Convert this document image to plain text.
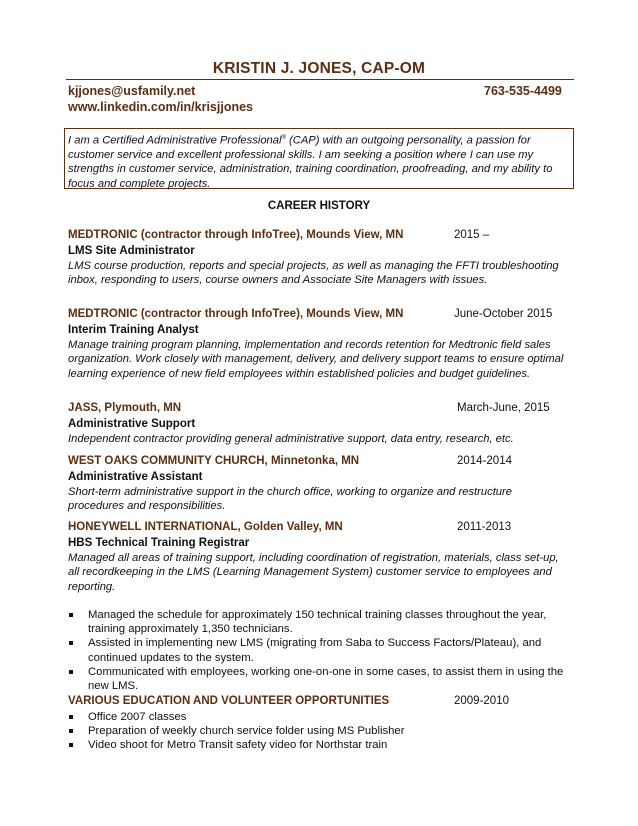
KRISTIN J. JONES, CAP-OM
kjjones@usfamily.net	763-535-4499
www.linkedin.com/in/krisjjones
I am a Certified Administrative Professional® (CAP) with an outgoing personality, a passion for customer service and excellent professional skills. I am seeking a position where I can use my strengths in customer service, administration, training coordination, proofreading, and my ability to focus and complete projects.
CAREER HISTORY
MEDTRONIC (contractor through InfoTree), Mounds View, MN	2015 –
LMS Site Administrator
LMS course production, reports and special projects, as well as managing the FFTI troubleshooting inbox, responding to users, course owners and Associate Site Managers with issues.
MEDTRONIC (contractor through InfoTree), Mounds View, MN	June-October 2015
Interim Training Analyst
Manage training program planning, implementation and records retention for Medtronic field sales organization. Work closely with management, delivery, and delivery support teams to ensure optimal learning experience of new field employees within established policies and budget guidelines.
JASS, Plymouth, MN	March-June, 2015
Administrative Support
Independent contractor providing general administrative support, data entry, research, etc.
WEST OAKS COMMUNITY CHURCH, Minnetonka, MN	2014-2014
Administrative Assistant
Short-term administrative support in the church office, working to organize and restructure procedures and responsibilities.
HONEYWELL INTERNATIONAL, Golden Valley, MN	2011-2013
HBS Technical Training Registrar
Managed all areas of training support, including coordination of registration, materials, class set-up, all recordkeeping in the LMS (Learning Management System) customer service to employees and reporting.
Managed the schedule for approximately 150 technical training classes throughout the year, training approximately 1,350 technicians.
Assisted in implementing new LMS (migrating from Saba to Success Factors/Plateau), and continued updates to the system.
Communicated with employees, working one-on-one in some cases, to assist them in using the new LMS.
VARIOUS EDUCATION AND VOLUNTEER OPPORTUNITIES	2009-2010
Office 2007 classes
Preparation of weekly church service folder using MS Publisher
Video shoot for Metro Transit safety video for Northstar train
